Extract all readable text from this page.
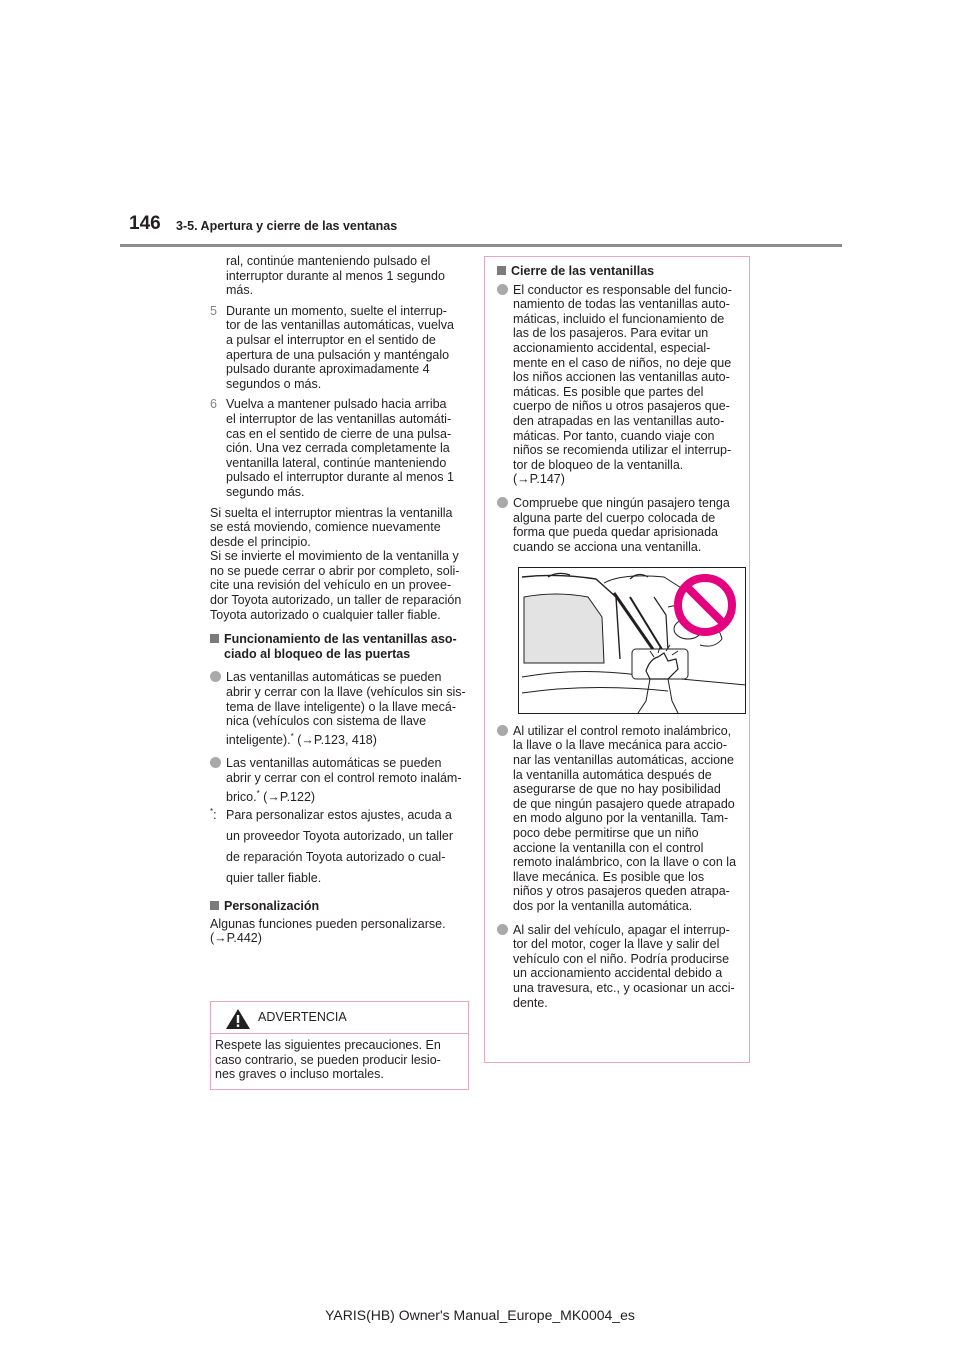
146 3-5. Apertura y cierre de las ventanas

ral, continúe manteniendo pulsado el

interruptor durante al menos 1 segundo

más.

5 Durante un momento, suelte el interrup-

tor de las ventanillas automáticas, vuelva

a pulsar el interruptor en el sentido de

apertura de una pulsación y manténgalo

pulsado durante aproximadamente 4

segundos o más.

6 Vuelva a mantener pulsado hacia arriba

el interruptor de las ventanillas automáti-

cas en el sentido de cierre de una pulsa-

ción. Una vez cerrada completamente la

ventanilla lateral, continúe manteniendo

pulsado el interruptor durante al menos 1

segundo más.

Si suelta el interruptor mientras la ventanilla

se está moviendo, comience nuevamente

desde el principio.

Si se invierte el movimiento de la ventanilla y

no se puede cerrar o abrir por completo, soli-

cite una revisión del vehículo en un provee-

dor Toyota autorizado, un taller de reparación

Toyota autorizado o cualquier taller fiable.

Funcionamiento de las ventanillas aso-

ciado al bloqueo de las puertas

Las ventanillas automáticas se pueden

abrir y cerrar con la llave (vehículos sin sis-

tema de llave inteligente) o la llave mecá-

nica (vehículos con sistema de llave

inteligente).* (→P.123, 418)

Las ventanillas automáticas se pueden

abrir y cerrar con el control remoto inalám-

brico.* (→P.122)

*: Para personalizar estos ajustes, acuda a

un proveedor Toyota autorizado, un taller

de reparación Toyota autorizado o cual-

quier taller fiable.

Personalización

Algunas funciones pueden personalizarse.

(→P.442)

ADVERTENCIA

Respete las siguientes precauciones. En

caso contrario, se pueden producir lesio-

nes graves o incluso mortales.

Cierre de las ventanillas

El conductor es responsable del funcio-

namiento de todas las ventanillas auto-

máticas, incluido el funcionamiento de

las de los pasajeros. Para evitar un

accionamiento accidental, especial-

mente en el caso de niños, no deje que

los niños accionen las ventanillas auto-

máticas. Es posible que partes del

cuerpo de niños u otros pasajeros que-

den atrapadas en las ventanillas auto-

máticas. Por tanto, cuando viaje con

niños se recomienda utilizar el interrup-

tor de bloqueo de la ventanilla.

(→P.147)

Compruebe que ningún pasajero tenga

alguna parte del cuerpo colocada de

forma que pueda quedar aprisionada

cuando se acciona una ventanilla.

Al utilizar el control remoto inalámbrico,

la llave o la llave mecánica para accio-

nar las ventanillas automáticas, accione

la ventanilla automática después de

asegurarse de que no hay posibilidad

de que ningún pasajero quede atrapado

en modo alguno por la ventanilla. Tam-

poco debe permitirse que un niño

accione la ventanilla con el control

remoto inalámbrico, con la llave o con la

llave mecánica. Es posible que los

niños y otros pasajeros queden atrapa-

dos por la ventanilla automática.

Al salir del vehículo, apagar el interrup-

tor del motor, coger la llave y salir del

vehículo con el niño. Podría producirse

un accionamiento accidental debido a

una travesura, etc., y ocasionar un acci-

dente.

YARIS(HB) Owner's Manual_Europe_MK0004_es
